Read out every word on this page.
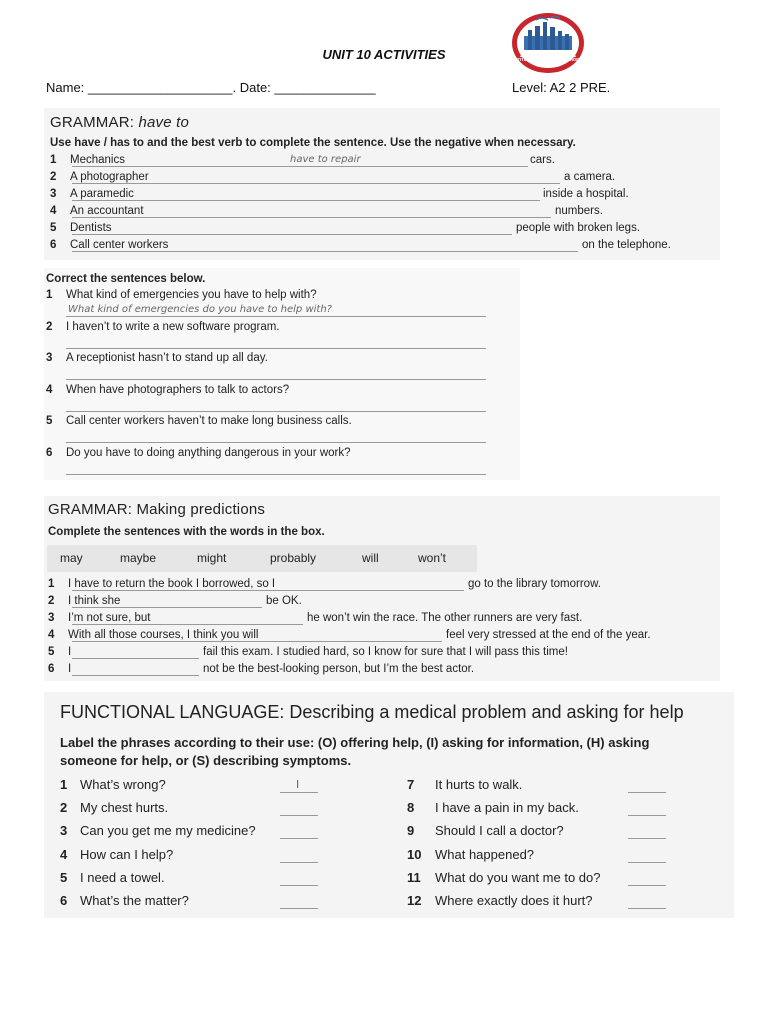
UNIT 10 ACTIVITIES
Name: ____________________. Date: ______________	Level: A2 2 PRE.
INSTITUTO ACADÉMICO DE IDIOMAS
GRAMMAR: have to
Use have / has to and the best verb to complete the sentence. Use the negative when necessary.
Correct the sentences below.
GRAMMAR: Making predictions
Complete the sentences with the words in the box.
FUNCTIONAL LANGUAGE: Describing a medical problem and asking for help
Label the phrases according to their use: (O) offering help, (I) asking for information, (H) asking
someone for help, or (S) describing symptoms.
1 Mechanics	have to repair	cars.
2 A photographer	a camera.
3 A paramedic	inside a hospital.
4 An accountant	numbers.
5 Dentists	people with broken legs.
6 Call center workers	on the telephone.
1 What kind of emergencies you have to help with?
What kind of emergencies do you have to help with?
2 I haven’t to write a new software program.
3 A receptionist hasn’t to stand up all day.
4 When have photographers to talk to actors?
5 Call center workers haven’t to make long business calls.
6 Do you have to doing anything dangerous in your work?
may	maybe	might	probably	will	won’t
1 I have to return the book I borrowed, so I	go to the library tomorrow.
2 I think she	be OK.
3 I’m not sure, but	he won’t win the race. The other runners are very fast.
4 With all those courses, I think you will	feel very stressed at the end of the year.
5 I	fail this exam. I studied hard, so I know for sure that I will pass this time!
6 I	not be the best-looking person, but I’m the best actor.
1 What’s wrong?	I
2 My chest hurts.
3 Can you get me my medicine?
4 How can I help?
5 I need a towel.
6 What’s the matter?
7 It hurts to walk.
8 I have a pain in my back.
9 Should I call a doctor?
10 What happened?
11 What do you want me to do?
12 Where exactly does it hurt?
